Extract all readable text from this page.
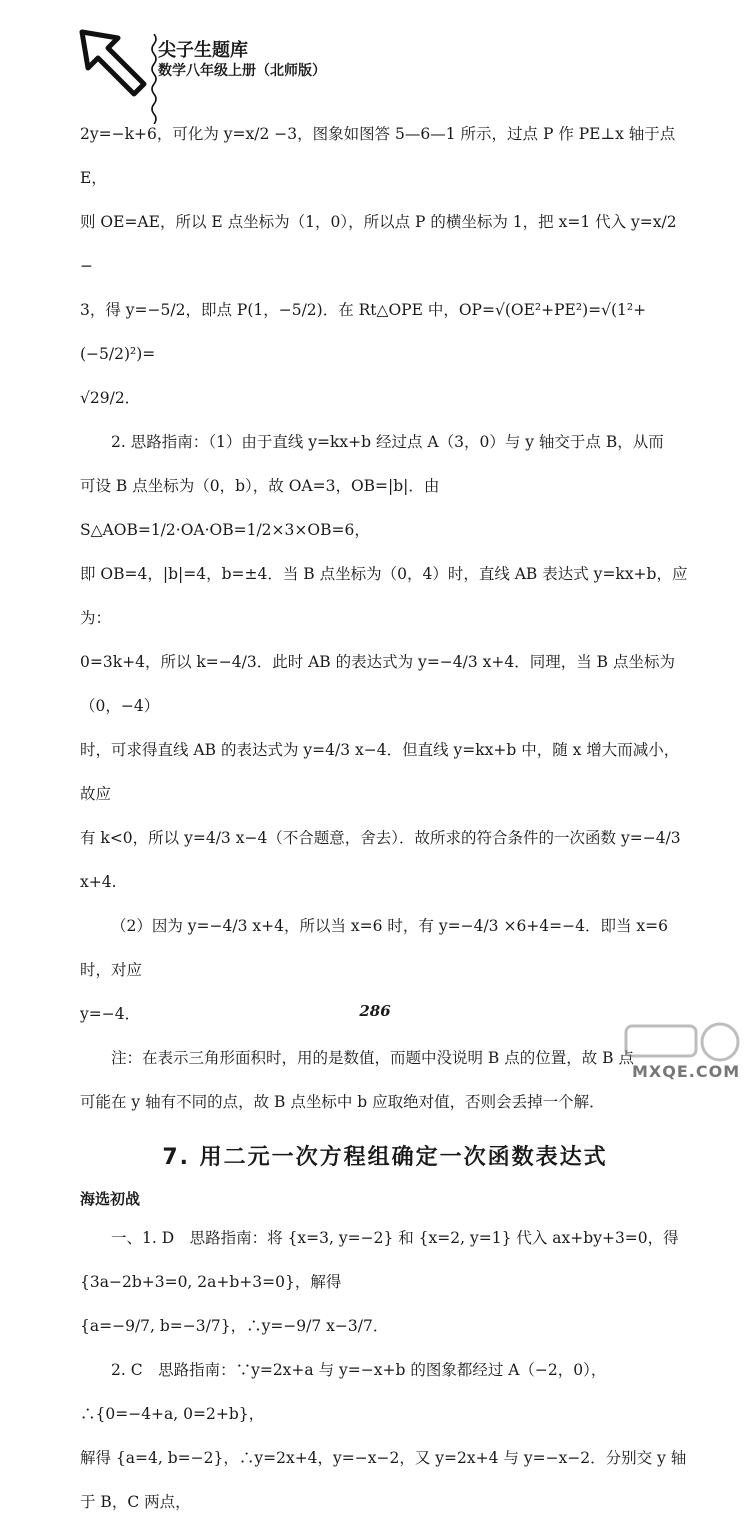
尖子生题库
数学八年级上册（北师版）

2y=−k+6，可化为 y=x/2 −3，图象如图答 5—6—1 所示，过点 P 作 PE⊥x 轴于点 E，

则 OE=AE，所以 E 点坐标为（1，0），所以点 P 的横坐标为 1，把 x=1 代入 y=x/2 −

3，得 y=−5/2，即点 P(1，−5/2)．在 Rt△OPE 中，OP=√(OE²+PE²)=√(1²+(−5/2)²)=

√29/2．

2. 思路指南：（1）由于直线 y=kx+b 经过点 A（3，0）与 y 轴交于点 B，从而

可设 B 点坐标为（0，b），故 OA=3，OB=|b|．由 S△AOB=1/2·OA·OB=1/2×3×OB=6，

即 OB=4，|b|=4，b=±4．当 B 点坐标为（0，4）时，直线 AB 表达式 y=kx+b，应为：

0=3k+4，所以 k=−4/3．此时 AB 的表达式为 y=−4/3 x+4．同理，当 B 点坐标为（0，−4）

时，可求得直线 AB 的表达式为 y=4/3 x−4．但直线 y=kx+b 中，随 x 增大而减小，故应

有 k<0，所以 y=4/3 x−4（不合题意，舍去）．故所求的符合条件的一次函数 y=−4/3 x+4.

（2）因为 y=−4/3 x+4，所以当 x=6 时，有 y=−4/3 ×6+4=−4．即当 x=6 时，对应

y=−4．

注：在表示三角形面积时，用的是数值，而题中没说明 B 点的位置，故 B 点

可能在 y 轴有不同的点，故 B 点坐标中 b 应取绝对值，否则会丢掉一个解．

7. 用二元一次方程组确定一次函数表达式
海选初战

一、1. D　思路指南：将 {x=3, y=−2} 和 {x=2, y=1} 代入 ax+by+3=0，得 {3a−2b+3=0, 2a+b+3=0}，解得

{a=−9/7, b=−3/7}，∴y=−9/7 x−3/7．

2. C　思路指南：∵y=2x+a 与 y=−x+b 的图象都经过 A（−2，0），∴{0=−4+a, 0=2+b}，

解得 {a=4, b=−2}，∴y=2x+4，y=−x−2，又 y=2x+4 与 y=−x−2．分别交 y 轴于 B，C 两点，

286
MXQE.COM
